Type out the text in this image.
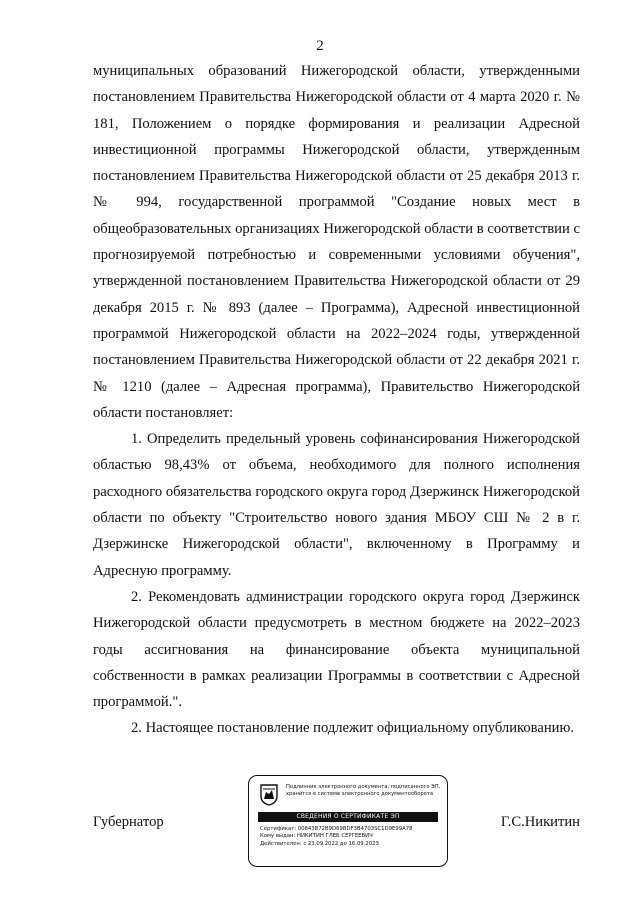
2

муниципальных образований Нижегородской области, утвержденными постановлением Правительства Нижегородской области от 4 марта 2020 г. № 181, Положением о порядке формирования и реализации Адресной инвестиционной программы Нижегородской области, утвержденным постановлением Правительства Нижегородской области от 25 декабря 2013 г. № 994, государственной программой "Создание новых мест в общеобразовательных организациях Нижегородской области в соответствии с прогнозируемой потребностью и современными условиями обучения", утвержденной постановлением Правительства Нижегородской области от 29 декабря 2015 г. № 893 (далее – Программа), Адресной инвестиционной программой Нижегородской области на 2022–2024 годы, утвержденной постановлением Правительства Нижегородской области от 22 декабря 2021 г. № 1210 (далее – Адресная программа), Правительство Нижегородской области постановляет:

1. Определить предельный уровень софинансирования Нижегородской областью 98,43% от объема, необходимого для полного исполнения расходного обязательства городского округа город Дзержинск Нижегородской области по объекту "Строительство нового здания МБОУ СШ № 2 в г. Дзержинске Нижегородской области", включенному в Программу и Адресную программу.

2. Рекомендовать администрации городского округа город Дзержинск Нижегородской области предусмотреть в местном бюджете на 2022–2023 годы ассигнования на финансирование объекта муниципальной собственности в рамках реализации Программы в соответствии с Адресной программой.".

2. Настоящее постановление подлежит официальному опубликованию.

Губернатор	Г.С.Никитин
Подлинник электронного документа, подписанного ЭП, хранится в системе электронного документооборота
СВЕДЕНИЯ О СЕРТИФИКАТЕ ЭП
Сертификат: 00843B72B9D69BDF3B4703SC1D9E99A78
Кому выдан: НИКИТИН ГЛЕБ СЕРГЕЕВИЧ
Действителен: с 23.09.2022 до 16.09.2023
